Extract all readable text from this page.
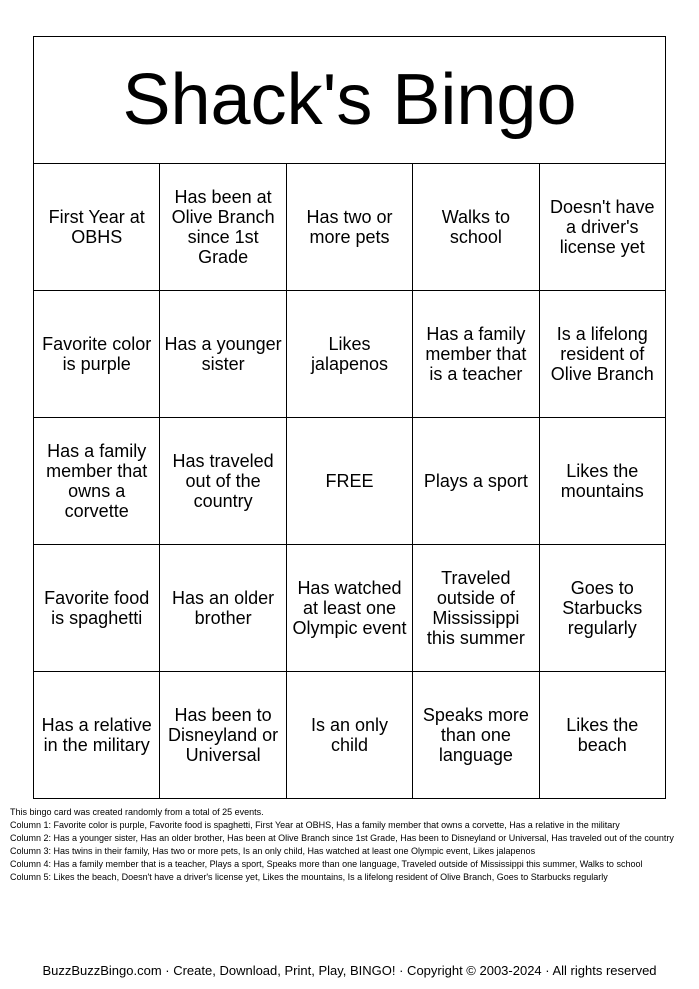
Shack's Bingo				
First Year at OBHS	Has been at Olive Branch since 1st Grade	Has two or more pets	Walks to school	Doesn't have a driver's license yet
Favorite color is purple	Has a younger sister	Likes jalapenos	Has a family member that is a teacher	Is a lifelong resident of Olive Branch
Has a family member that owns a corvette	Has traveled out of the country	FREE	Plays a sport	Likes the mountains
Favorite food is spaghetti	Has an older brother	Has watched at least one Olympic event	Traveled outside of Mississippi this summer	Goes to Starbucks regularly
Has a relative in the military	Has been to Disneyland or Universal	Is an only child	Speaks more than one language	Likes the beach
This bingo card was created randomly from a total of 25 events.
Column 1: Favorite color is purple, Favorite food is spaghetti, First Year at OBHS, Has a family member that owns a corvette, Has a relative in the military
Column 2: Has a younger sister, Has an older brother, Has been at Olive Branch since 1st Grade, Has been to Disneyland or Universal, Has traveled out of the country
Column 3: Has twins in their family, Has two or more pets, Is an only child, Has watched at least one Olympic event, Likes jalapenos
Column 4: Has a family member that is a teacher, Plays a sport, Speaks more than one language, Traveled outside of Mississippi this summer, Walks to school
Column 5: Likes the beach, Doesn't have a driver's license yet, Likes the mountains, Is a lifelong resident of Olive Branch, Goes to Starbucks regularly
BuzzBuzzBingo.com · Create, Download, Print, Play, BINGO! · Copyright © 2003-2024 · All rights reserved
